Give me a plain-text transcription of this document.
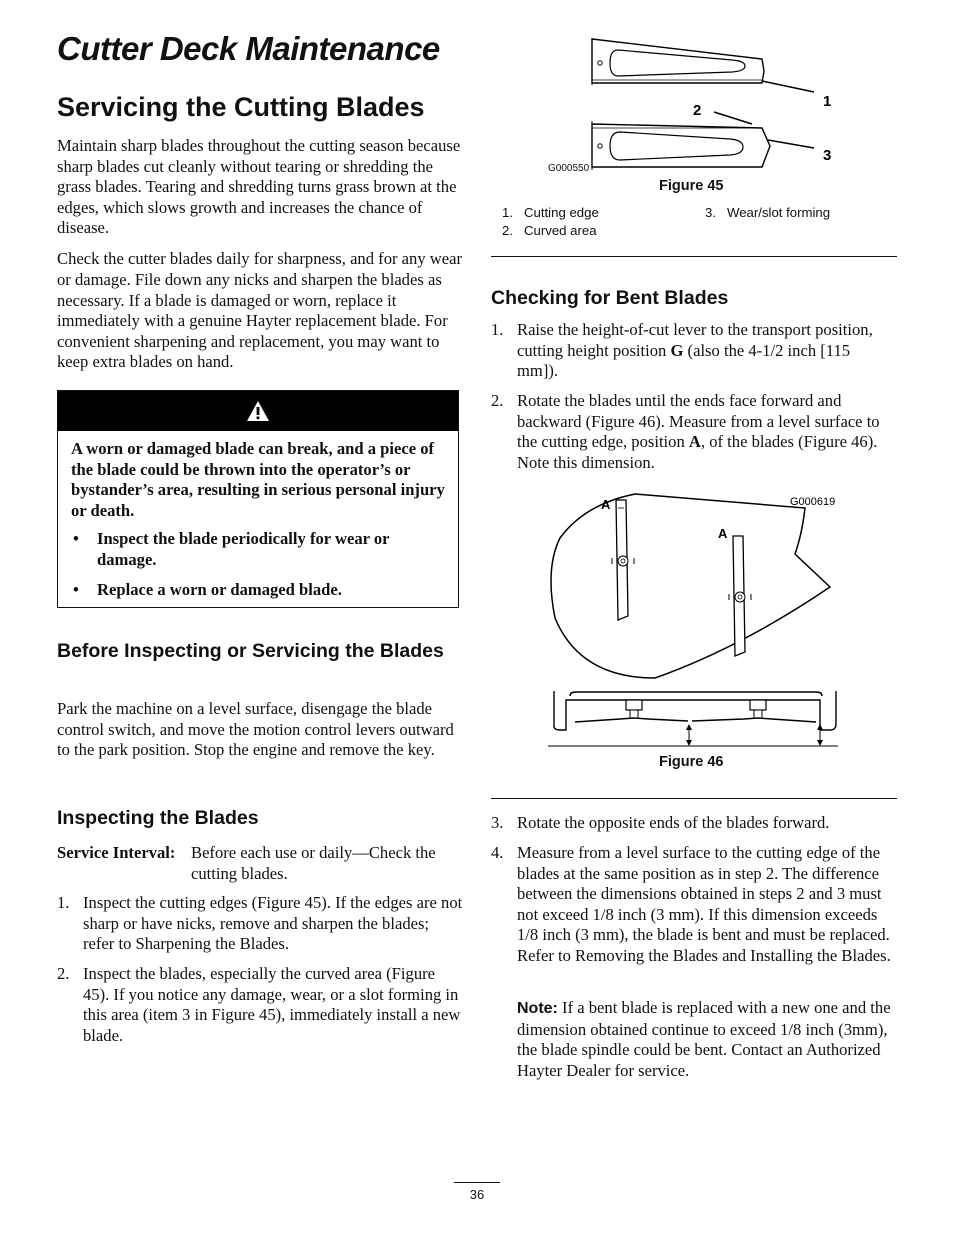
Cutter Deck Maintenance
Servicing the Cutting Blades

Maintain sharp blades throughout the cutting season because sharp blades cut cleanly without tearing or shredding the grass blades. Tearing and shredding turns grass brown at the edges, which slows growth and increases the chance of disease.

Check the cutter blades daily for sharpness, and for any wear or damage. File down any nicks and sharpen the blades as necessary. If a blade is damaged or worn, replace it immediately with a genuine Hayter replacement blade. For convenient sharpening and replacement, you may want to keep extra blades on hand.

A worn or damaged blade can break, and a piece of the blade could be thrown into the operator’s or bystander’s area, resulting in serious personal injury or death.
• Inspect the blade periodically for wear or damage.
• Replace a worn or damaged blade.
Before Inspecting or Servicing the Blades

Park the machine on a level surface, disengage the blade control switch, and move the motion control levers outward to the park position. Stop the engine and remove the key.

Inspecting the Blades
Service Interval: Before each use or daily—Check the cutting blades.
1. Inspect the cutting edges (Figure 45). If the edges are not sharp or have nicks, remove and sharpen the blades; refer to Sharpening the Blades.
2. Inspect the blades, especially the curved area (Figure 45). If you notice any damage, wear, or a slot forming in this area (item 3 in Figure 45), immediately install a new blade.
1
2
3
G000550
Figure 45
1. Cutting edge
2. Curved area
3. Wear/slot forming
Checking for Bent Blades
1. Raise the height-of-cut lever to the transport position, cutting height position G (also the 4-1/2 inch [115 mm]).
2. Rotate the blades until the ends face forward and backward (Figure 46). Measure from a level surface to the cutting edge, position A, of the blades (Figure 46). Note this dimension.
A
A
G000619
Figure 46
3. Rotate the opposite ends of the blades forward.
4. Measure from a level surface to the cutting edge of the blades at the same position as in step 2. The difference between the dimensions obtained in steps 2 and 3 must not exceed 1/8 inch (3 mm). If this dimension exceeds 1/8 inch (3 mm), the blade is bent and must be replaced. Refer to Removing the Blades and Installing the Blades.
Note: If a bent blade is replaced with a new one and the dimension obtained continue to exceed 1/8 inch (3mm), the blade spindle could be bent. Contact an Authorized Hayter Dealer for service.
36
